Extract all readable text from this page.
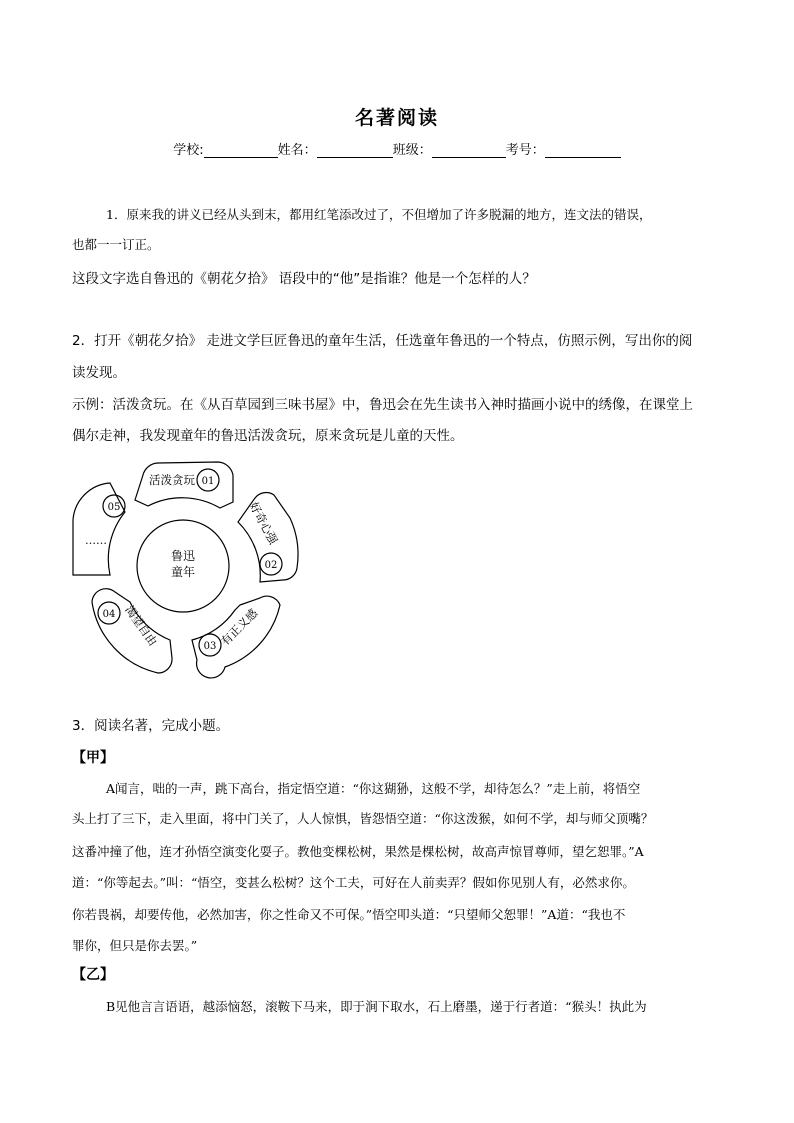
名著阅读
学校:	姓名：	班级：	考号：
1．原来我的讲义已经从头到末，都用红笔添改过了，不但增加了许多脱漏的地方，连文法的错误，
也都一一订正。
这段文字选自鲁迅的《朝花夕拾》 语段中的“他”是指谁？他是一个怎样的人？
2．打开《朝花夕拾》 走进文学巨匠鲁迅的童年生活，任选童年鲁迅的一个特点，仿照示例，写出你的阅
读发现。
示例：活泼贪玩。在《从百草园到三味书屋》中，鲁迅会在先生读书入神时描画小说中的绣像，在课堂上
偶尔走神，我发现童年的鲁迅活泼贪玩，原来贪玩是儿童的天性。
鲁迅
童年
01
02
03
04
05
活泼贪玩
好奇心强
有正义感
渴望自由
……
3．阅读名著，完成小题。
【甲】
A闻言，咄的一声，跳下高台，指定悟空道：“你这猢狲，这般不学，却待怎么？”走上前，将悟空
头上打了三下，走入里面，将中门关了，人人惊惧，皆怨悟空道：“你这泼猴，如何不学，却与师父顶嘴？
这番冲撞了他，连才孙悟空演变化耍子。教他变棵松树，果然是棵松树，故高声惊冒尊师，望乞恕罪。”A
道：“你等起去。”叫：“悟空，变甚么松树？这个工夫，可好在人前卖弄？假如你见别人有，必然求你。
你若畏祸，却要传他，必然加害，你之性命又不可保。”悟空叩头道：“只望师父恕罪！”A道：“我也不
罪你，但只是你去罢。”
【乙】
B见他言言语语，越添恼怒，滚鞍下马来，即于涧下取水，石上磨墨，递于行者道：“猴头！执此为
